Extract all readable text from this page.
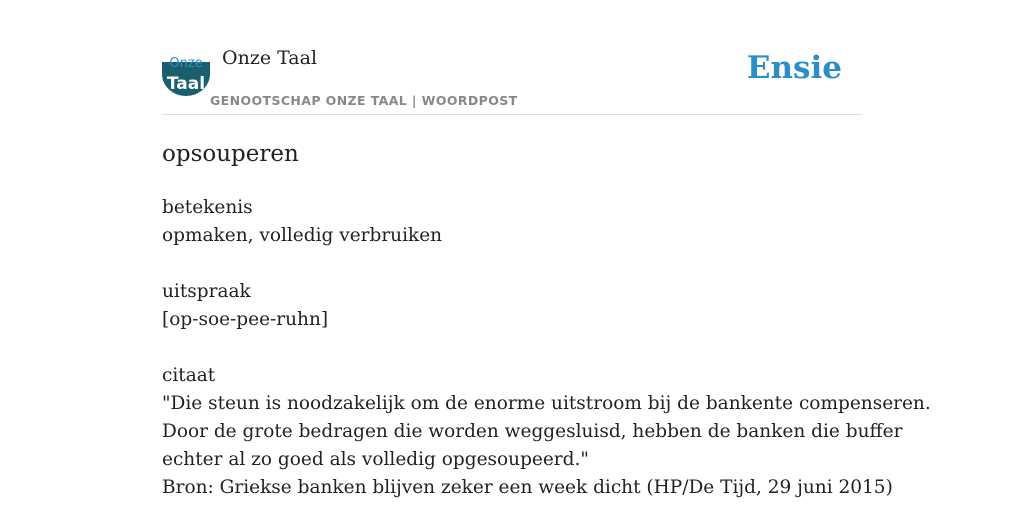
Onze
Taal
Onze Taal
GENOOTSCHAP ONZE TAAL | WOORDPOST
Ensie
opsouperen
betekenis
opmaken, volledig verbruiken
uitspraak
[op-soe-pee-ruhn]
citaat
"Die steun is noodzakelijk om de enorme uitstroom bij de bankente compenseren.
Door de grote bedragen die worden weggesluisd, hebben de banken die buffer
echter al zo goed als volledig opgesoupeerd."
Bron: Griekse banken blijven zeker een week dicht (HP/De Tijd, 29 juni 2015)
